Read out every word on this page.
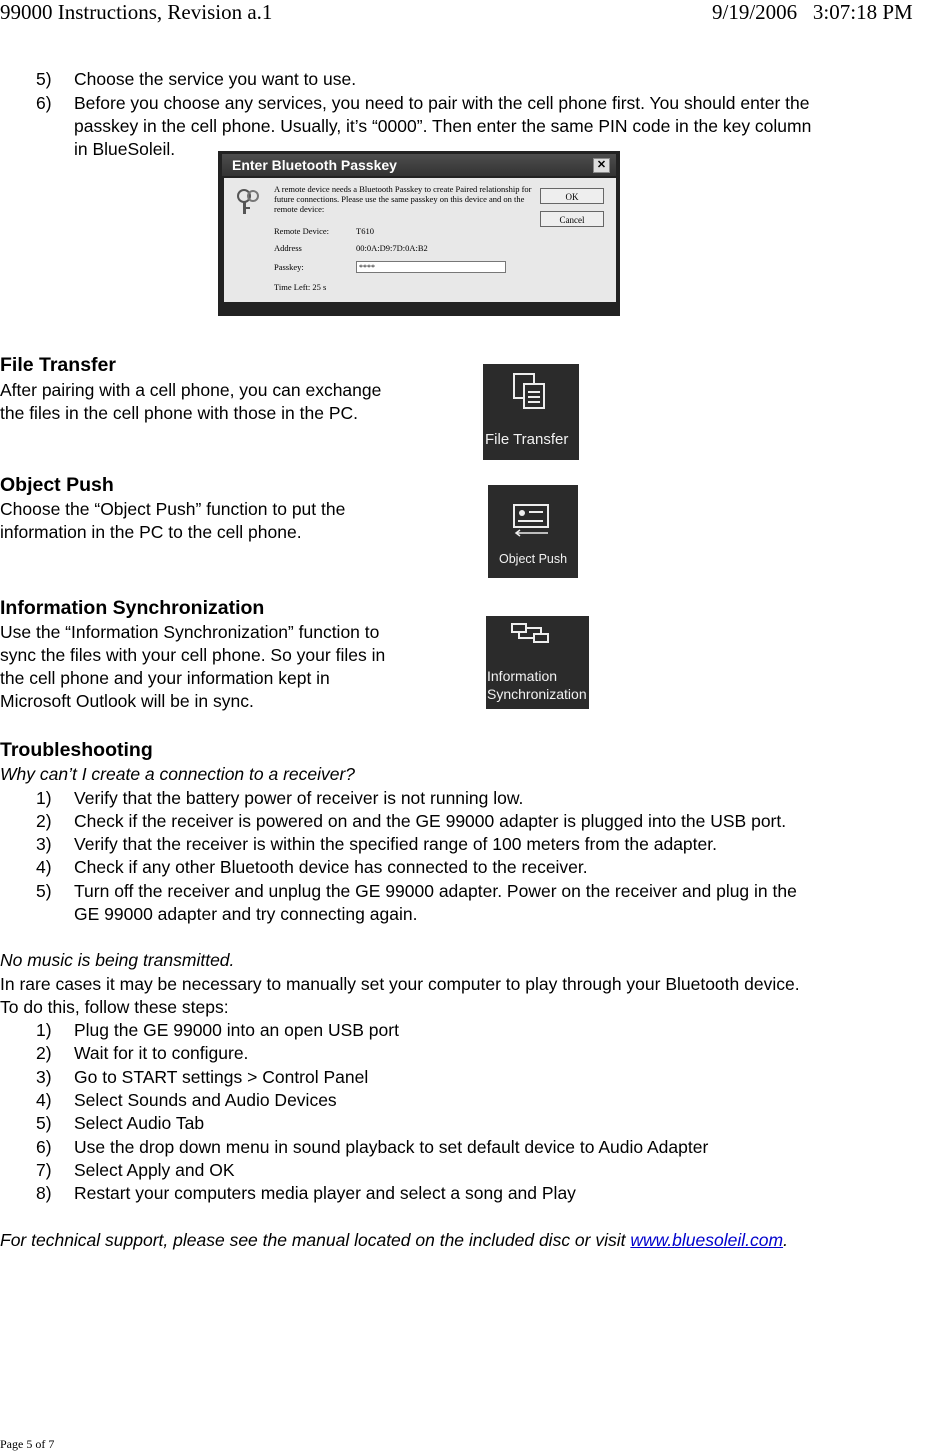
99000 Instructions, Revision a.1	9/19/2006   3:07:18 PM
5) Choose the service you want to use.
6) Before you choose any services, you need to pair with the cell phone first. You should enter the
passkey in the cell phone. Usually, it’s “0000”. Then enter the same PIN code in the key column
in BlueSoleil.
Enter Bluetooth Passkey	✕
A remote device needs a Bluetooth Passkey to create Paired relationship for future connections. Please use the same passkey on this device and on the remote device:
Remote Device:	T610
Address	00:0A:D9:7D:0A:B2
Passkey:	****
Time Left: 25 s
OK
Cancel
File Transfer
After pairing with a cell phone, you can exchange
the files in the cell phone with those in the PC.
File Transfer
Object Push
Choose the “Object Push” function to put the
information in the PC to the cell phone.
Object Push
Information Synchronization
Use the “Information Synchronization” function to
sync the files with your cell phone. So your files in
the cell phone and your information kept in
Microsoft Outlook will be in sync.
Information
Synchronization
Troubleshooting
Why can’t I create a connection to a receiver?
1) Verify that the battery power of receiver is not running low.
2) Check if the receiver is powered on and the GE 99000 adapter is plugged into the USB port.
3) Verify that the receiver is within the specified range of 100 meters from the adapter.
4) Check if any other Bluetooth device has connected to the receiver.
5) Turn off the receiver and unplug the GE 99000 adapter. Power on the receiver and plug in the
GE 99000 adapter and try connecting again.
No music is being transmitted.
In rare cases it may be necessary to manually set your computer to play through your Bluetooth device.
To do this, follow these steps:
1) Plug the GE 99000 into an open USB port
2) Wait for it to configure.
3) Go to START settings > Control Panel
4) Select Sounds and Audio Devices
5) Select Audio Tab
6) Use the drop down menu in sound playback to set default device to Audio Adapter
7) Select Apply and OK
8) Restart your computers media player and select a song and Play
For technical support, please see the manual located on the included disc or visit www.bluesoleil.com.
Page 5 of 7
